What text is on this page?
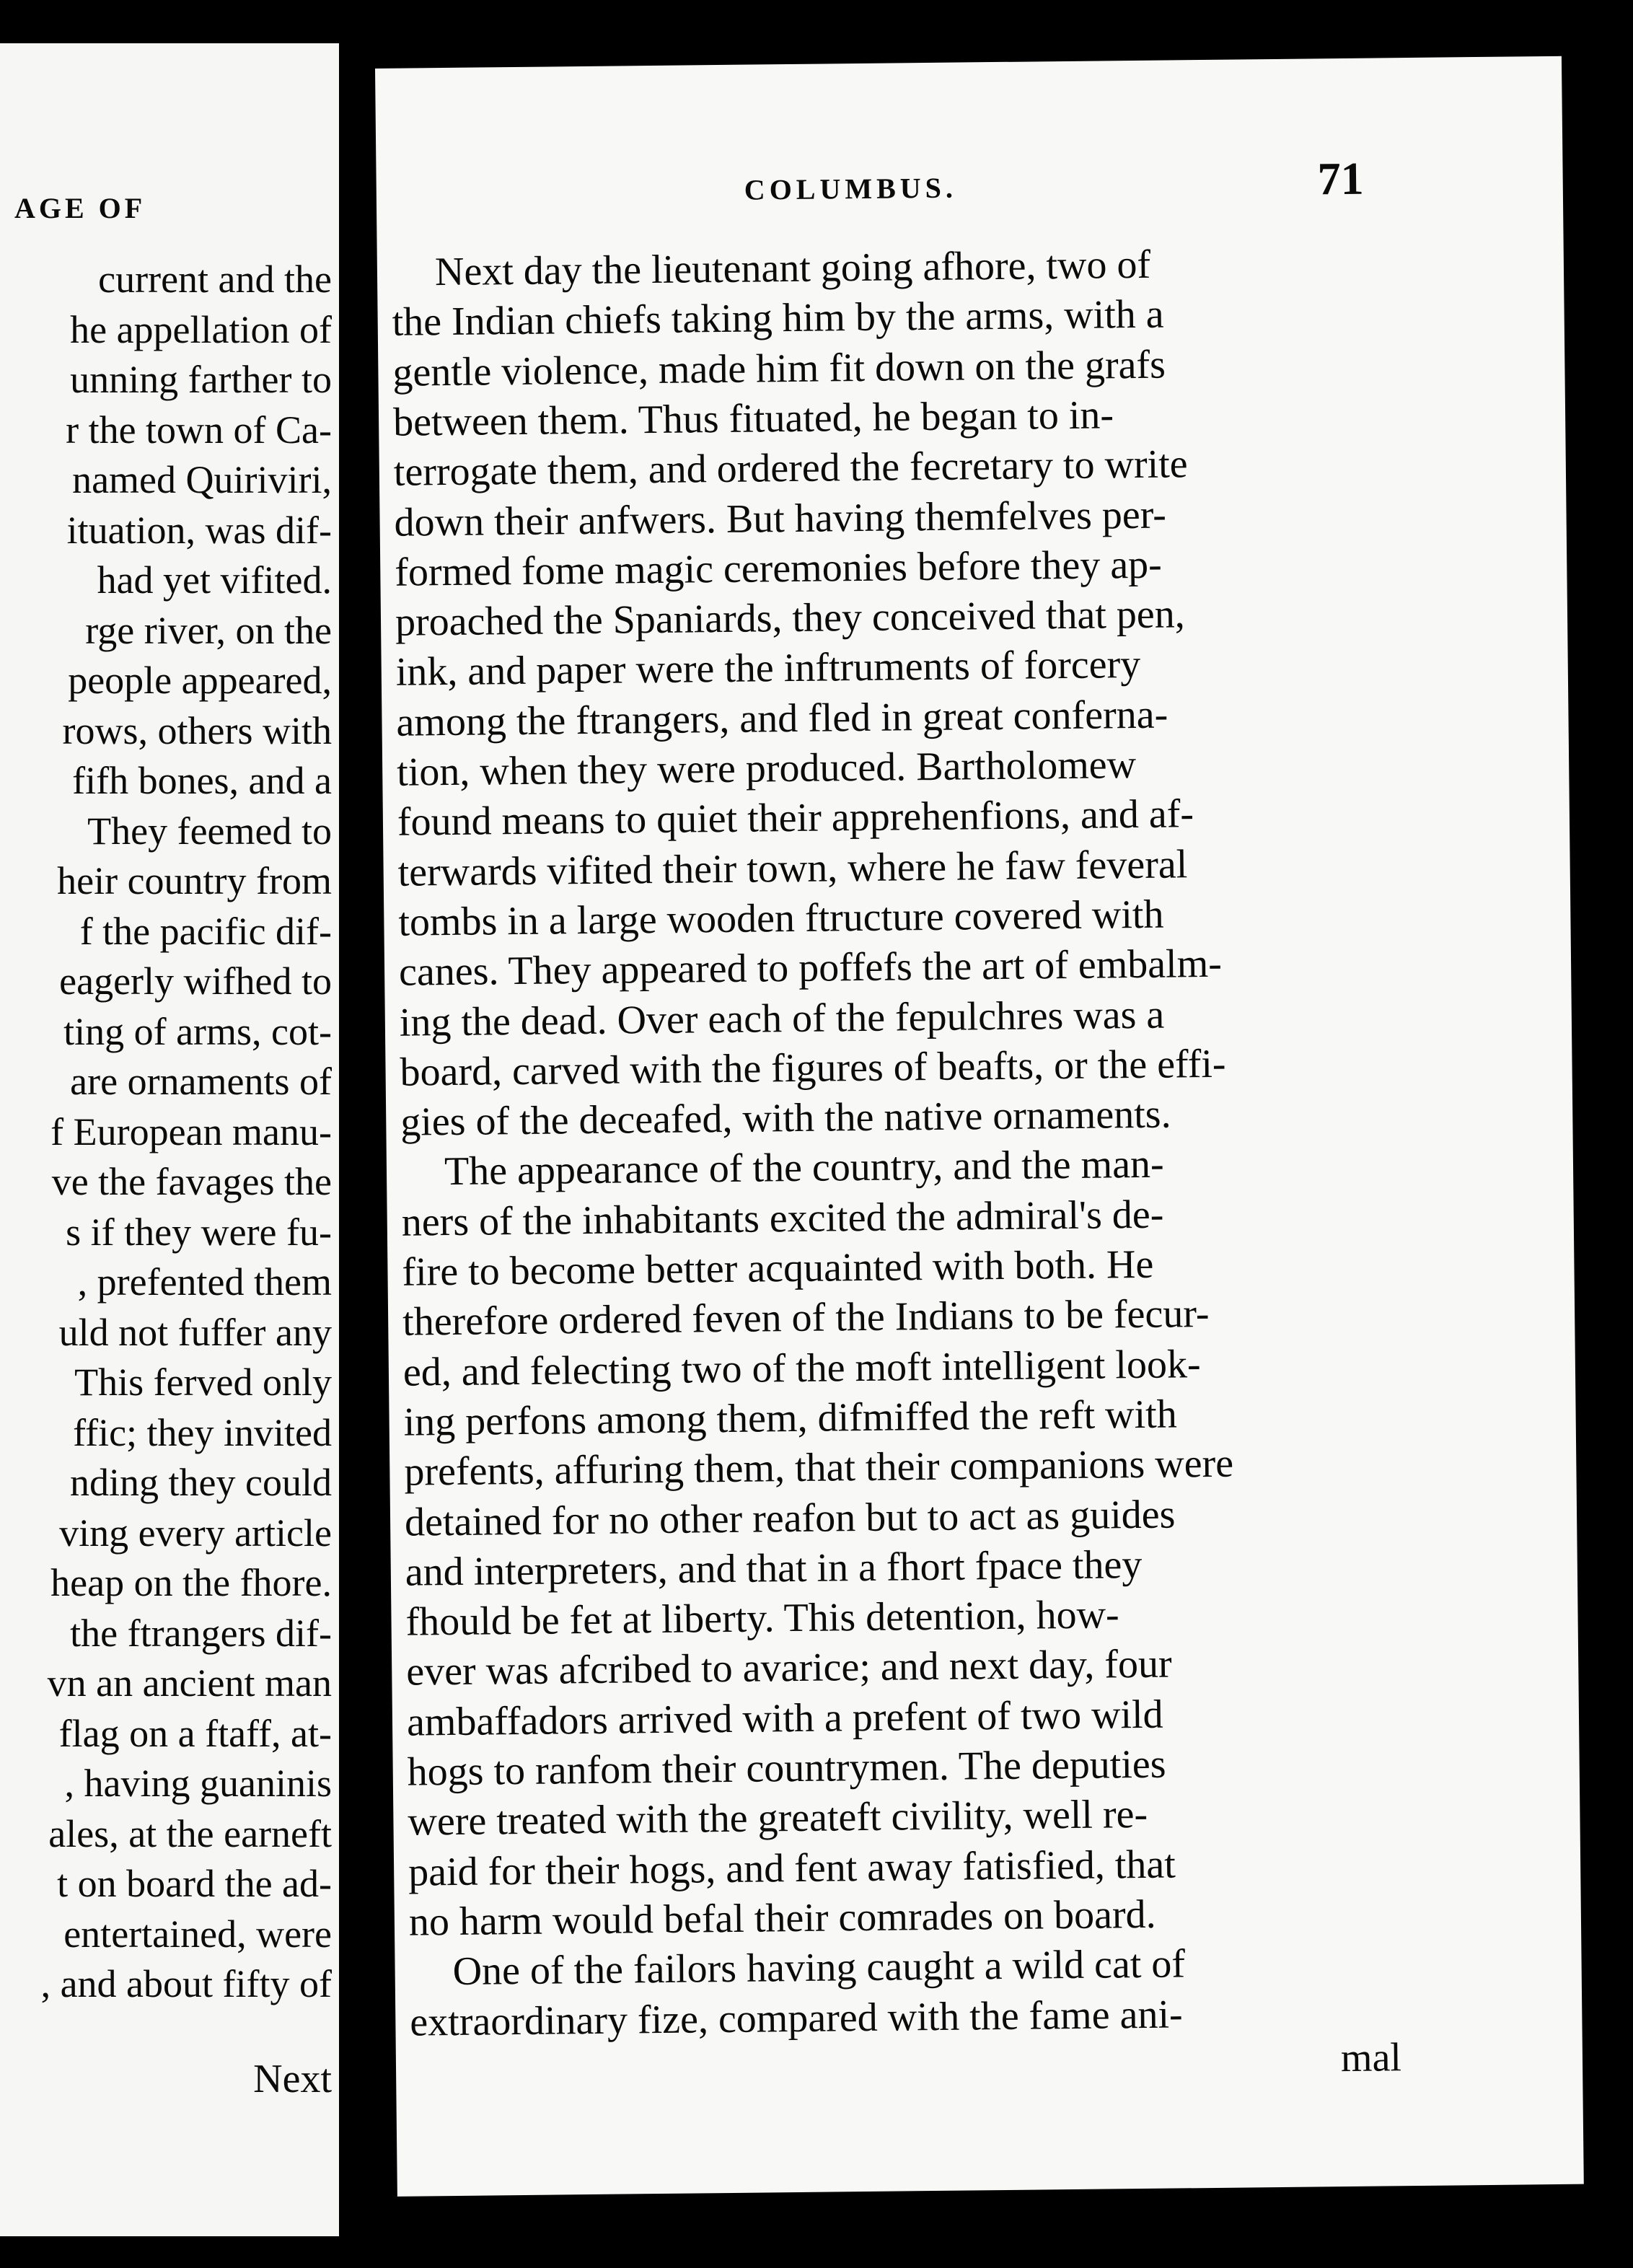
AGE OF
current and the
he appellation of
unning farther to
r the town of Ca-
named Quiriviri,
ituation, was dif-
had yet vifited.
rge river, on the
people appeared,
rows, others with
fifh bones, and a
They feemed to
heir country from
f the pacific dif-
eagerly wifhed to
ting of arms, cot-
are ornaments of
f European manu-
ve the favages the
s if they were fu-
, prefented them
uld not fuffer any
This ferved only
ffic; they invited
nding they could
ving every article
heap on the fhore.
the ftrangers dif-
vn an ancient man
flag on a ftaff, at-
, having guaninis
ales, at the earneft
t on board the ad-
entertained, were
, and about fifty of
Next
COLUMBUS.	71
Next day the lieutenant going afhore, two of
the Indian chiefs taking him by the arms, with a
gentle violence, made him fit down on the grafs
between them. Thus fituated, he began to in-
terrogate them, and ordered the fecretary to write
down their anfwers. But having themfelves per-
formed fome magic ceremonies before they ap-
proached the Spaniards, they conceived that pen,
ink, and paper were the inftruments of forcery
among the ftrangers, and fled in great conferna-
tion, when they were produced. Bartholomew
found means to quiet their apprehenfions, and af-
terwards vifited their town, where he faw feveral
tombs in a large wooden ftructure covered with
canes. They appeared to poffefs the art of embalm-
ing the dead. Over each of the fepulchres was a
board, carved with the figures of beafts, or the effi-
gies of the deceafed, with the native ornaments.
The appearance of the country, and the man-
ners of the inhabitants excited the admiral's de-
fire to become better acquainted with both. He
therefore ordered feven of the Indians to be fecur-
ed, and felecting two of the moft intelligent look-
ing perfons among them, difmiffed the reft with
prefents, affuring them, that their companions were
detained for no other reafon but to act as guides
and interpreters, and that in a fhort fpace they
fhould be fet at liberty. This detention, how-
ever was afcribed to avarice; and next day, four
ambaffadors arrived with a prefent of two wild
hogs to ranfom their countrymen. The deputies
were treated with the greateft civility, well re-
paid for their hogs, and fent away fatisfied, that
no harm would befal their comrades on board.
One of the failors having caught a wild cat of
extraordinary fize, compared with the fame ani-
mal
